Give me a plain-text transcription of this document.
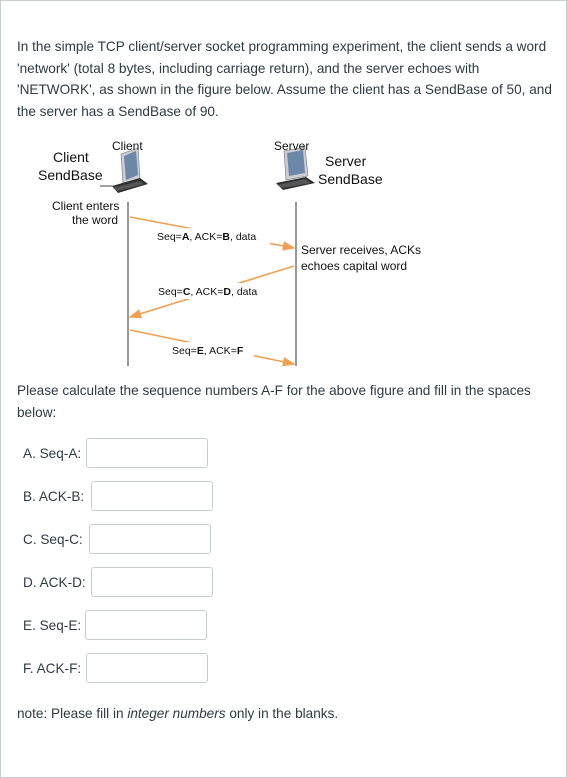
In the simple TCP client/server socket programming experiment, the client sends a word 'network' (total 8 bytes, including carriage return), and the server echoes with 'NETWORK', as shown in the figure below. Assume the client has a SendBase of 50, and the server has a SendBase of 90.

Client	Server
Client
SendBase
Server
SendBase
Client enters
the word
Server receives, ACKs
echoes capital word
Seq=A, ACK=B, data
Seq=C, ACK=D, data
Seq=E, ACK=F

Please calculate the sequence numbers A-F for the above figure and fill in the spaces below:

A. Seq-A:
B. ACK-B:
C. Seq-C:
D. ACK-D:
E. Seq-E:
F. ACK-F:

note: Please fill in integer numbers only in the blanks.
